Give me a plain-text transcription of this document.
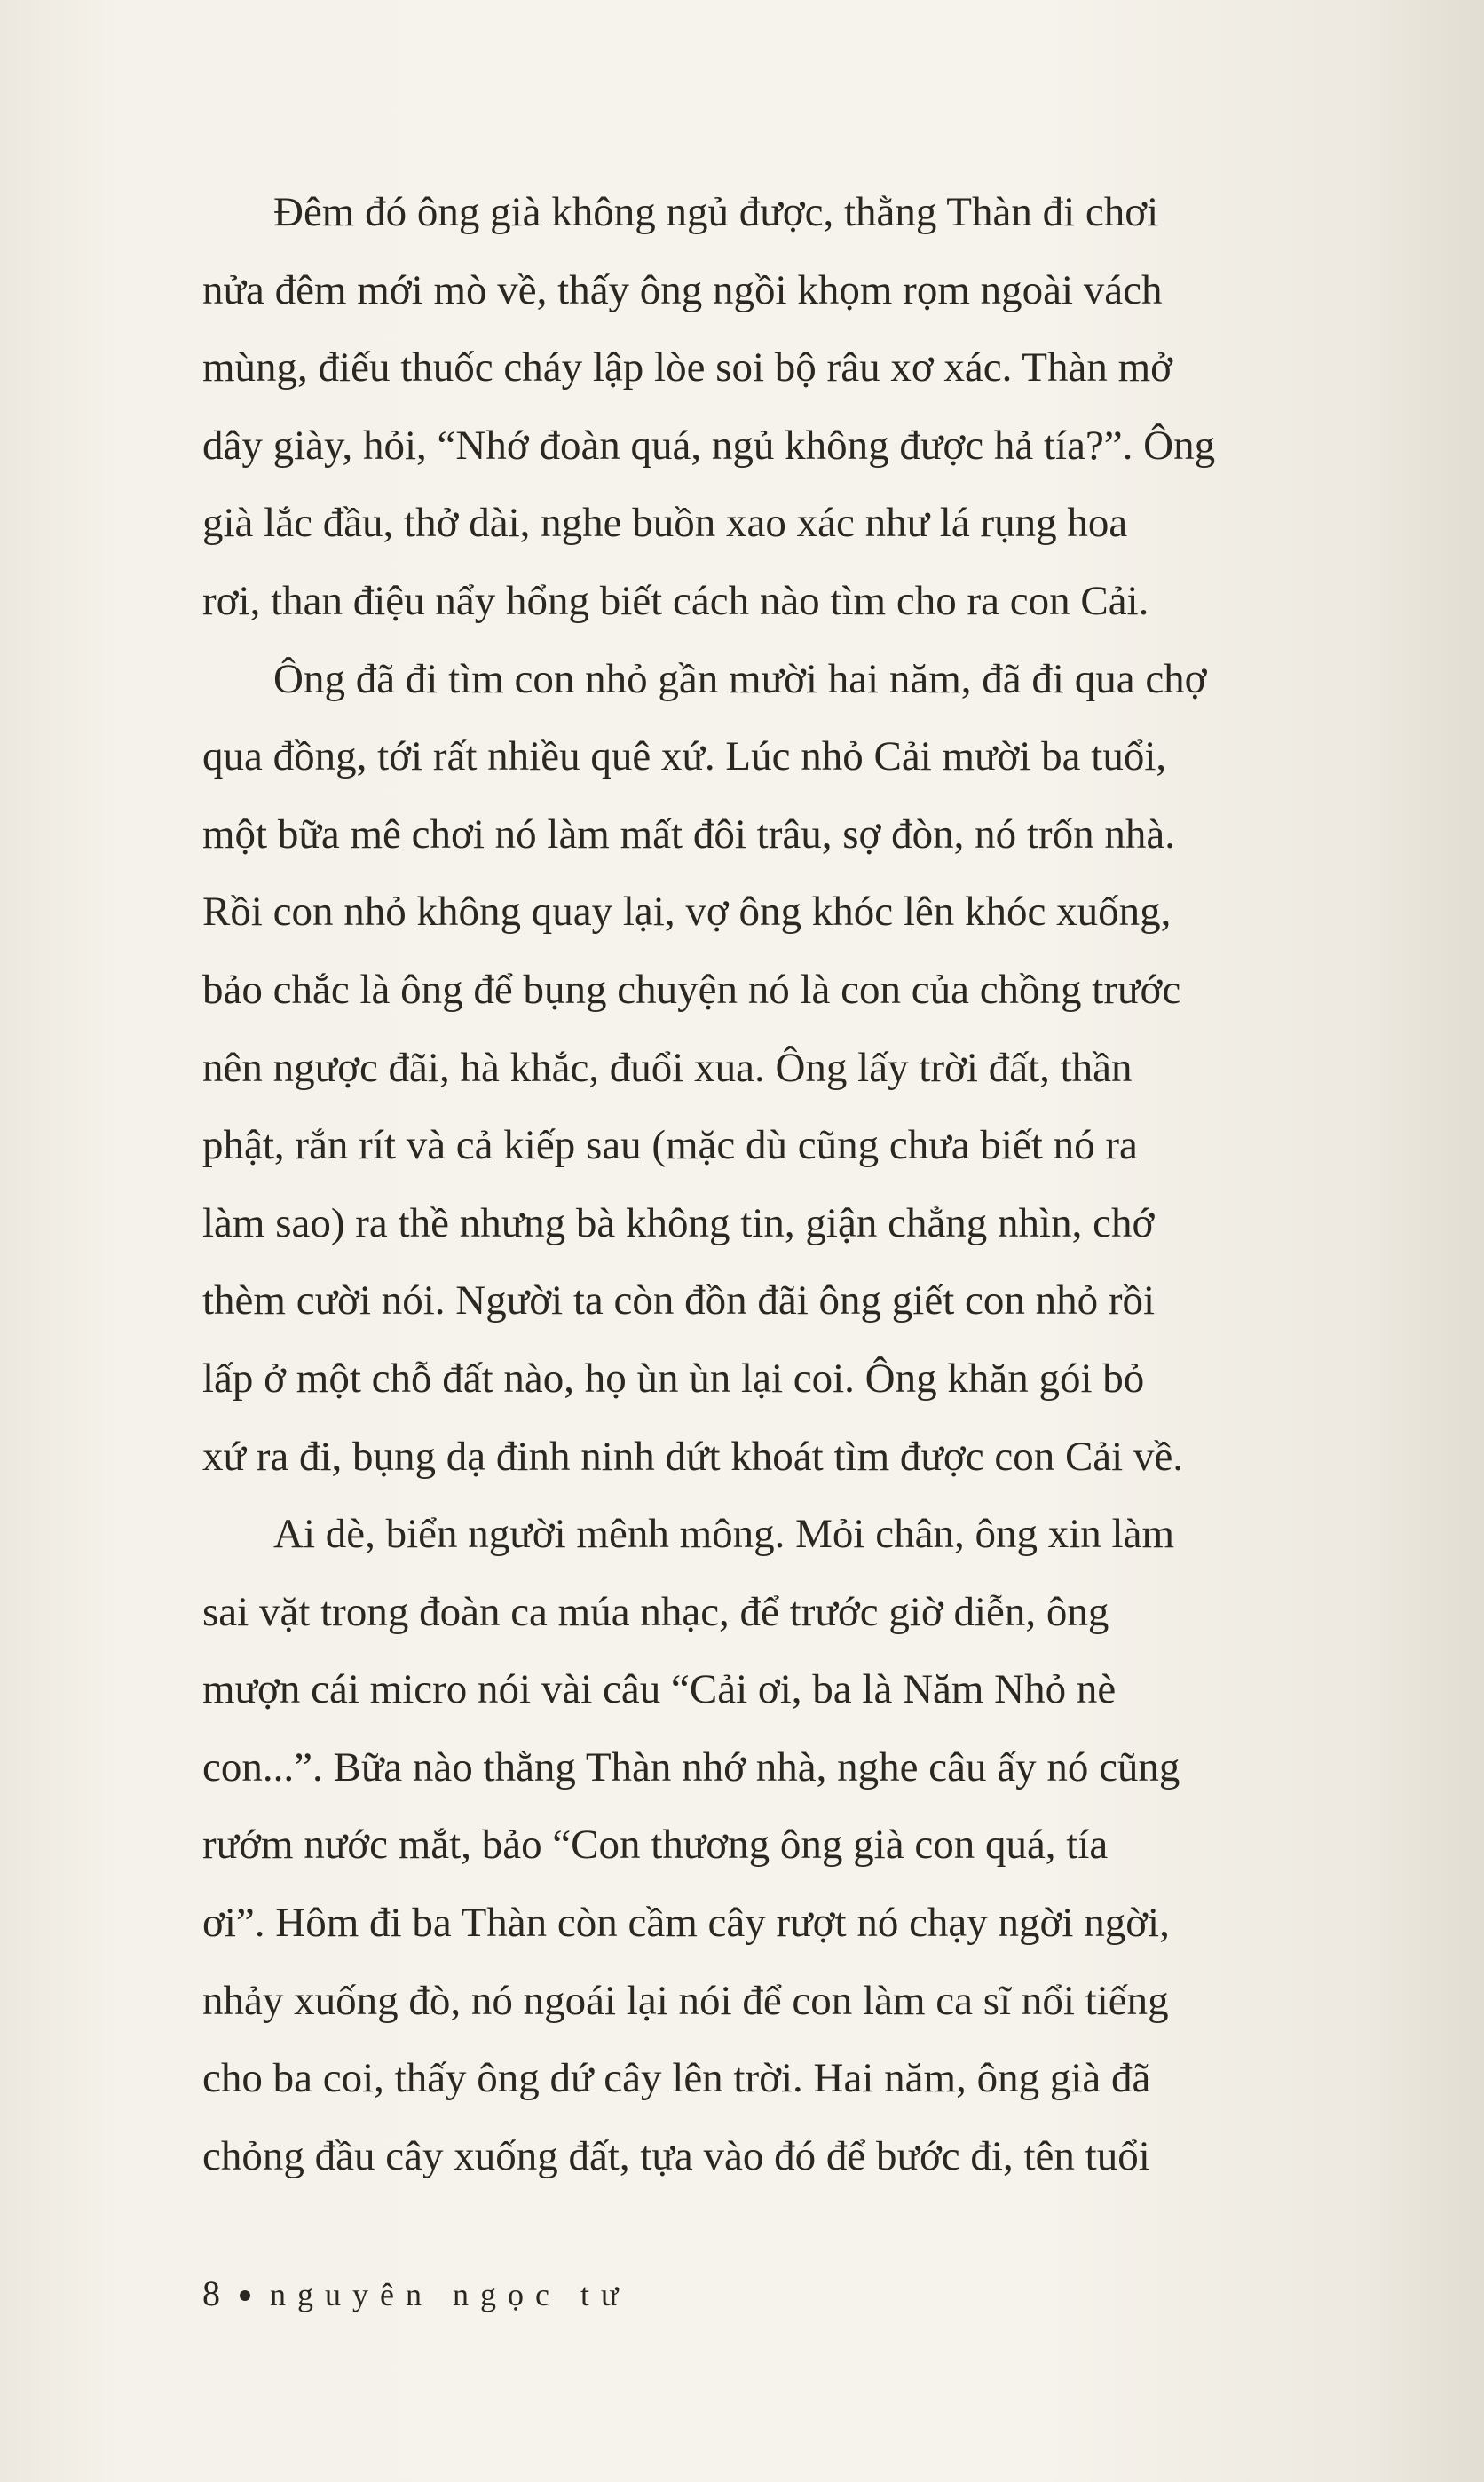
Đêm đó ông già không ngủ được, thằng Thàn đi chơi
nửa đêm mới mò về, thấy ông ngồi khọm rọm ngoài vách
mùng, điếu thuốc cháy lập lòe soi bộ râu xơ xác. Thàn mở
dây giày, hỏi, “Nhớ đoàn quá, ngủ không được hả tía?”. Ông
già lắc đầu, thở dài, nghe buồn xao xác như lá rụng hoa
rơi, than điệu nẩy hổng biết cách nào tìm cho ra con Cải.

Ông đã đi tìm con nhỏ gần mười hai năm, đã đi qua chợ
qua đồng, tới rất nhiều quê xứ. Lúc nhỏ Cải mười ba tuổi,
một bữa mê chơi nó làm mất đôi trâu, sợ đòn, nó trốn nhà.
Rồi con nhỏ không quay lại, vợ ông khóc lên khóc xuống,
bảo chắc là ông để bụng chuyện nó là con của chồng trước
nên ngược đãi, hà khắc, đuổi xua. Ông lấy trời đất, thần
phật, rắn rít và cả kiếp sau (mặc dù cũng chưa biết nó ra
làm sao) ra thề nhưng bà không tin, giận chẳng nhìn, chớ
thèm cười nói. Người ta còn đồn đãi ông giết con nhỏ rồi
lấp ở một chỗ đất nào, họ ùn ùn lại coi. Ông khăn gói bỏ
xứ ra đi, bụng dạ đinh ninh dứt khoát tìm được con Cải về.

Ai dè, biển người mênh mông. Mỏi chân, ông xin làm
sai vặt trong đoàn ca múa nhạc, để trước giờ diễn, ông
mượn cái micro nói vài câu “Cải ơi, ba là Năm Nhỏ nè
con...”. Bữa nào thằng Thàn nhớ nhà, nghe câu ấy nó cũng
rướm nước mắt, bảo “Con thương ông già con quá, tía
ơi”. Hôm đi ba Thàn còn cầm cây rượt nó chạy ngời ngời,
nhảy xuống đò, nó ngoái lại nói để con làm ca sĩ nổi tiếng
cho ba coi, thấy ông dứ cây lên trời. Hai năm, ông già đã
chỏng đầu cây xuống đất, tựa vào đó để bước đi, tên tuổi

8 nguyên ngọc tư
